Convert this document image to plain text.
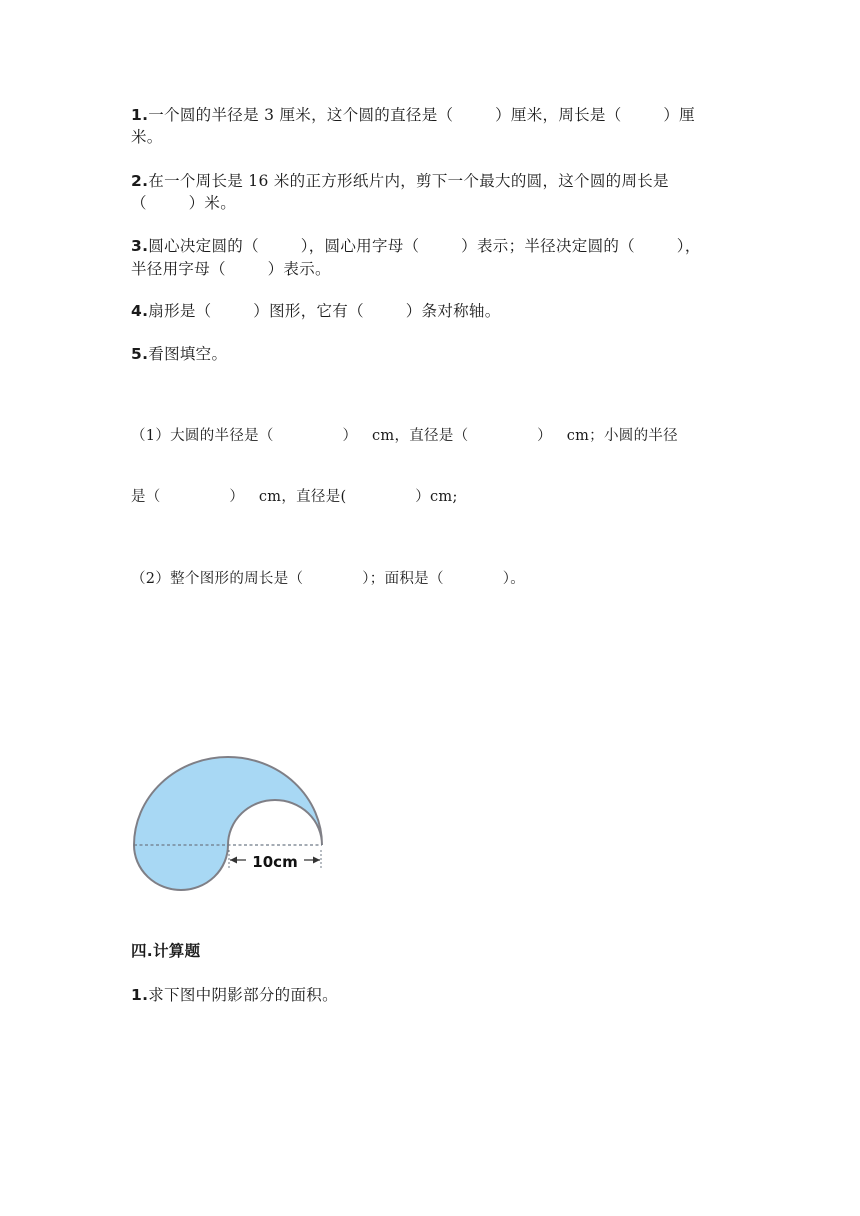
1.一个圆的半径是 3 厘米，这个圆的直径是（        ）厘米，周长是（        ）厘
米。
2.在一个周长是 16 米的正方形纸片内，剪下一个最大的圆，这个圆的周长是
（        ）米。
3.圆心决定圆的（        ），圆心用字母（        ）表示；半径决定圆的（        ），
半径用字母（        ）表示。
4.扇形是（        ）图形，它有（        ）条对称轴。
5.看图填空。
（1）大圆的半径是（              ）   cm，直径是（              ）   cm；小圆的半径
是（              ）   cm，直径是(              ）cm;
（2）整个图形的周长是（            ）；面积是（            ）。
10cm
四.计算题
1.求下图中阴影部分的面积。
